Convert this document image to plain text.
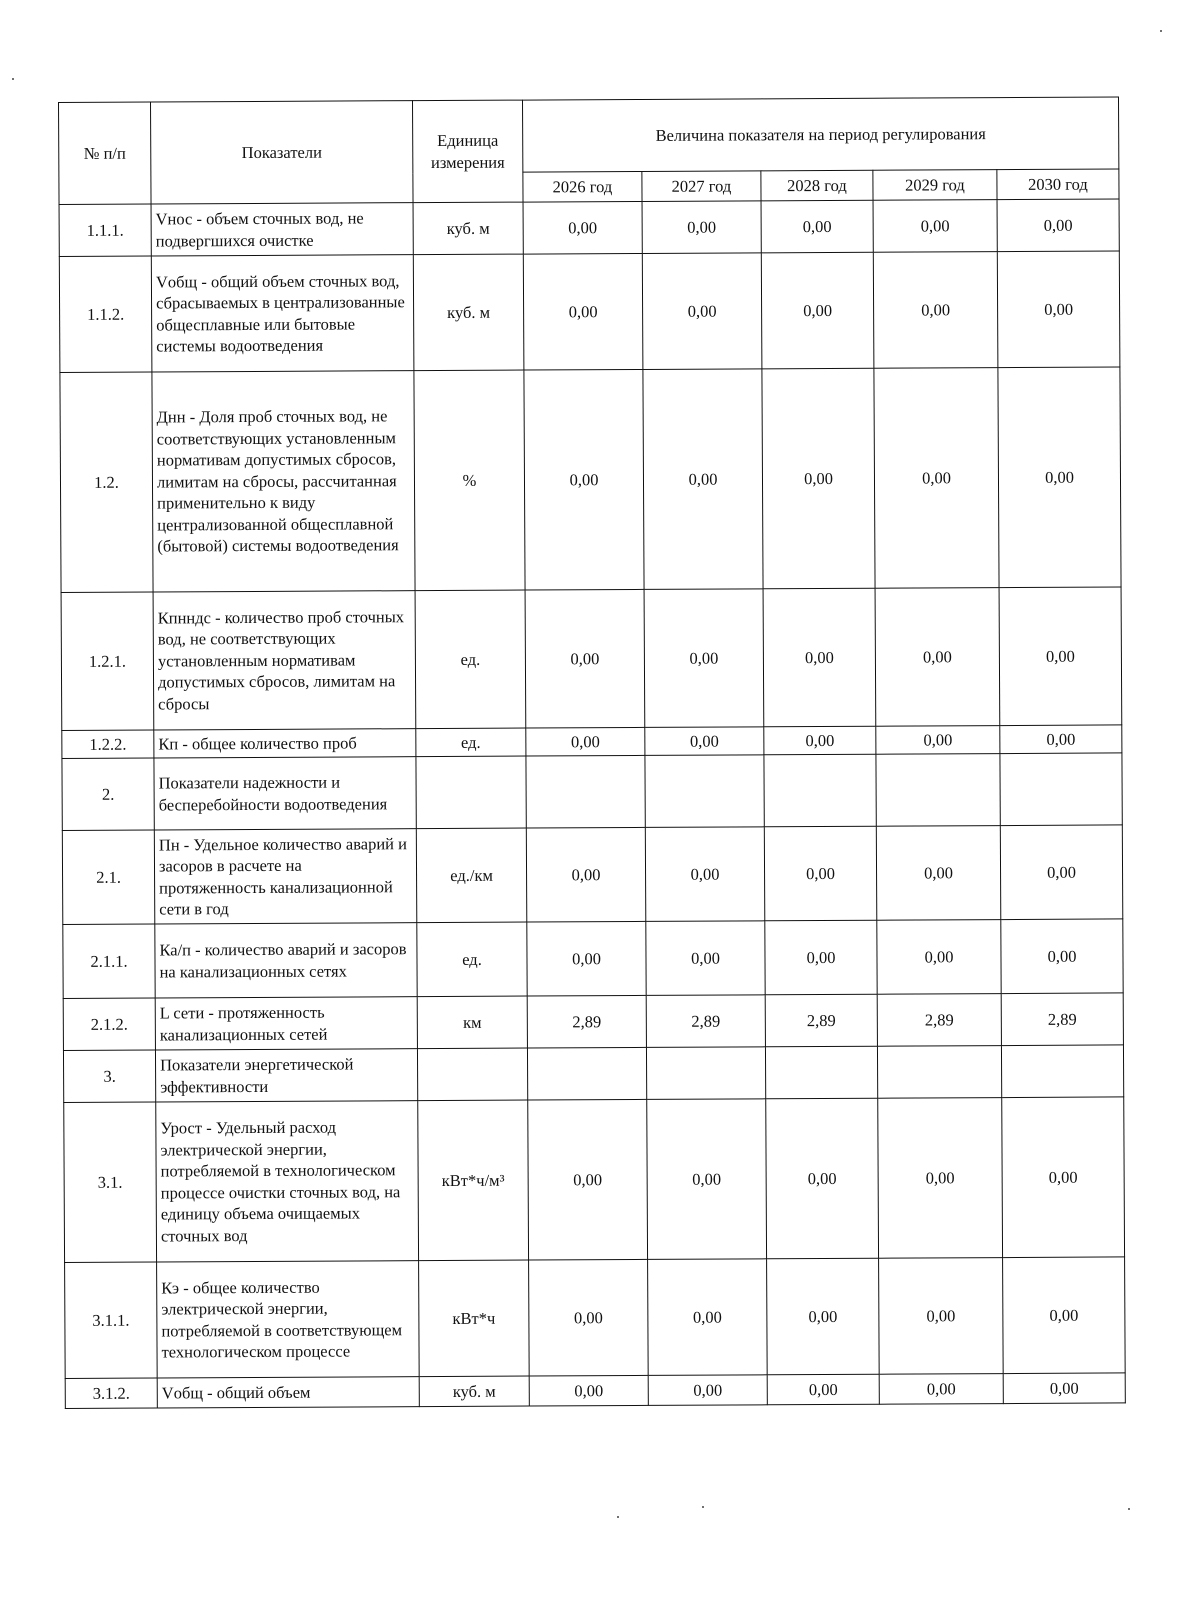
№ п/п	Показатели	Единица измерения	Величина показателя на период регулирования				
			2026 год	2027 год	2028 год	2029 год	2030 год
1.1.1.	Vнос - объем сточных вод, не подвергшихся очистке	куб. м	0,00	0,00	0,00	0,00	0,00
1.1.2.	Vобщ - общий объем сточных вод, сбрасываемых в централизованные общесплавные или бытовые системы водоотведения	куб. м	0,00	0,00	0,00	0,00	0,00
1.2.	Днн - Доля проб сточных вод, не соответствующих установленным нормативам допустимых сбросов, лимитам на сбросы, рассчитанная применительно к виду централизованной общесплавной (бытовой) системы водоотведения	%	0,00	0,00	0,00	0,00	0,00
1.2.1.	Кпнндс - количество проб сточных вод, не соответствующих установленным нормативам допустимых сбросов, лимитам на сбросы	ед.	0,00	0,00	0,00	0,00	0,00
1.2.2.	Кп - общее количество проб	ед.	0,00	0,00	0,00	0,00	0,00
2.	Показатели надежности и бесперебойности водоотведения						
2.1.	Пн - Удельное количество аварий и засоров в расчете на протяженность канализационной сети в год	ед./км	0,00	0,00	0,00	0,00	0,00
2.1.1.	Ка/п - количество аварий и засоров на канализационных сетях	ед.	0,00	0,00	0,00	0,00	0,00
2.1.2.	L сети - протяженность канализационных сетей	км	2,89	2,89	2,89	2,89	2,89
3.	Показатели энергетической эффективности						
3.1.	Урост - Удельный расход электрической энергии, потребляемой в технологическом процессе очистки сточных вод, на единицу объема очищаемых сточных вод	кВт*ч/м³	0,00	0,00	0,00	0,00	0,00
3.1.1.	Кэ - общее количество электрической энергии, потребляемой в соответствующем технологическом процессе	кВт*ч	0,00	0,00	0,00	0,00	0,00
3.1.2.	Vобщ - общий объем	куб. м	0,00	0,00	0,00	0,00	0,00
